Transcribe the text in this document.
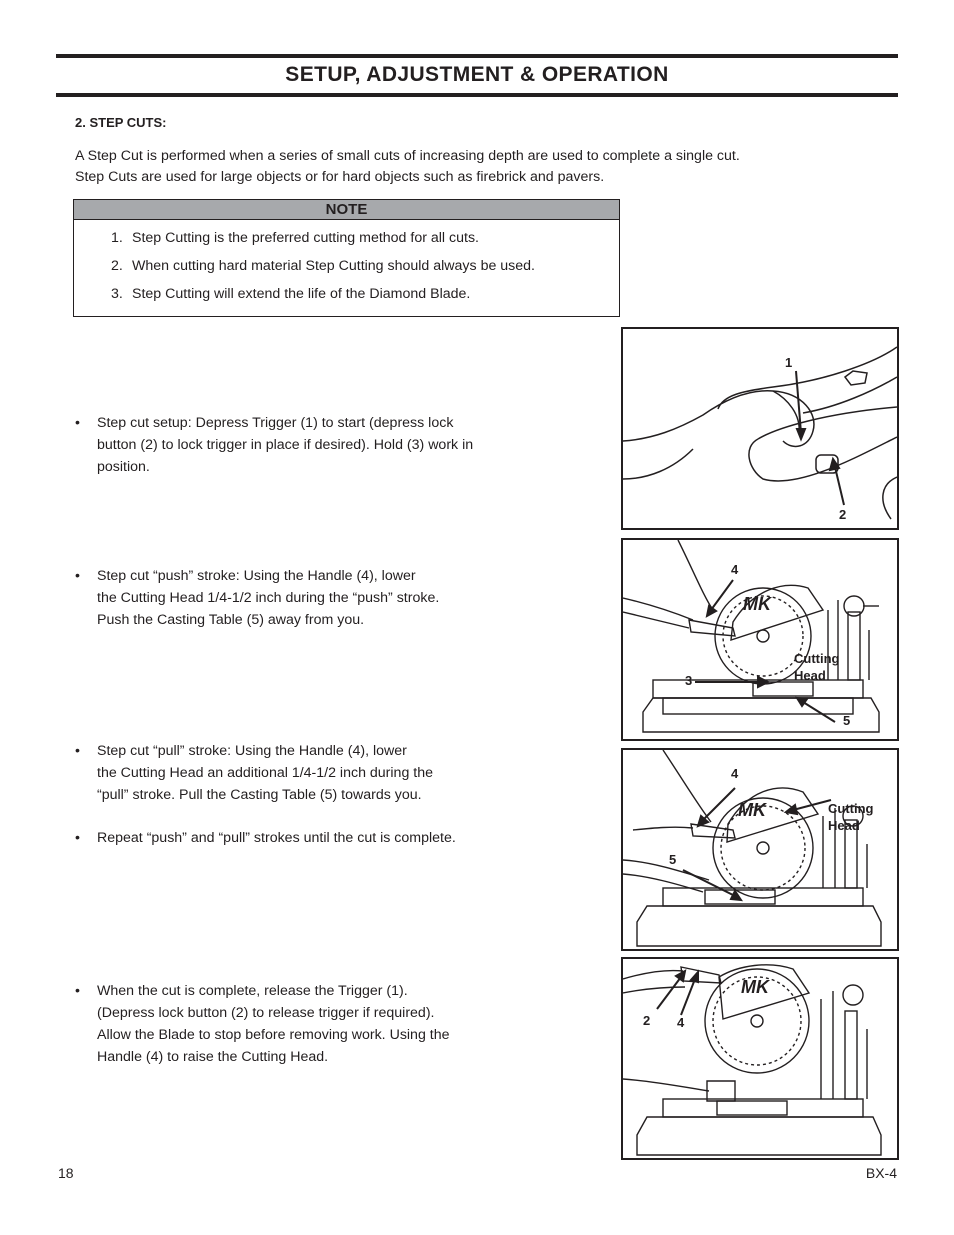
SETUP, ADJUSTMENT & OPERATION
2. STEP CUTS:

A Step Cut is performed when a series of small cuts of increasing depth are used to complete a single cut.

Step Cuts are used for large objects or for hard objects such as firebrick and pavers.

NOTE
1. Step Cutting is the preferred cutting method for all cuts.
2. When cutting hard material Step Cutting should always be used.
3. Step Cutting will extend the life of the Diamond Blade.
• Step cut setup: Depress Trigger (1) to start (depress lock
button (2) to lock trigger in place if desired). Hold (3) work in
position.
• Step cut “push” stroke: Using the Handle (4), lower
the Cutting Head 1/4-1/2 inch during the “push” stroke.
Push the Casting Table (5) away from you.
• Step cut “pull” stroke: Using the Handle (4), lower
the Cutting Head an additional 1/4-1/2 inch during the
“pull” stroke. Pull the Casting Table (5) towards you.
• Repeat “push” and “pull” strokes until the cut is complete.
• When the cut is complete, release the Trigger (1).
(Depress lock button (2) to release trigger if required).
Allow the Blade to stop before removing work. Using the
Handle (4) to raise the Cutting Head.
1
2
MK
4
3
5
Cutting
Head
MK
4
5
Cutting
Head
MK
2 4
18	BX-4
